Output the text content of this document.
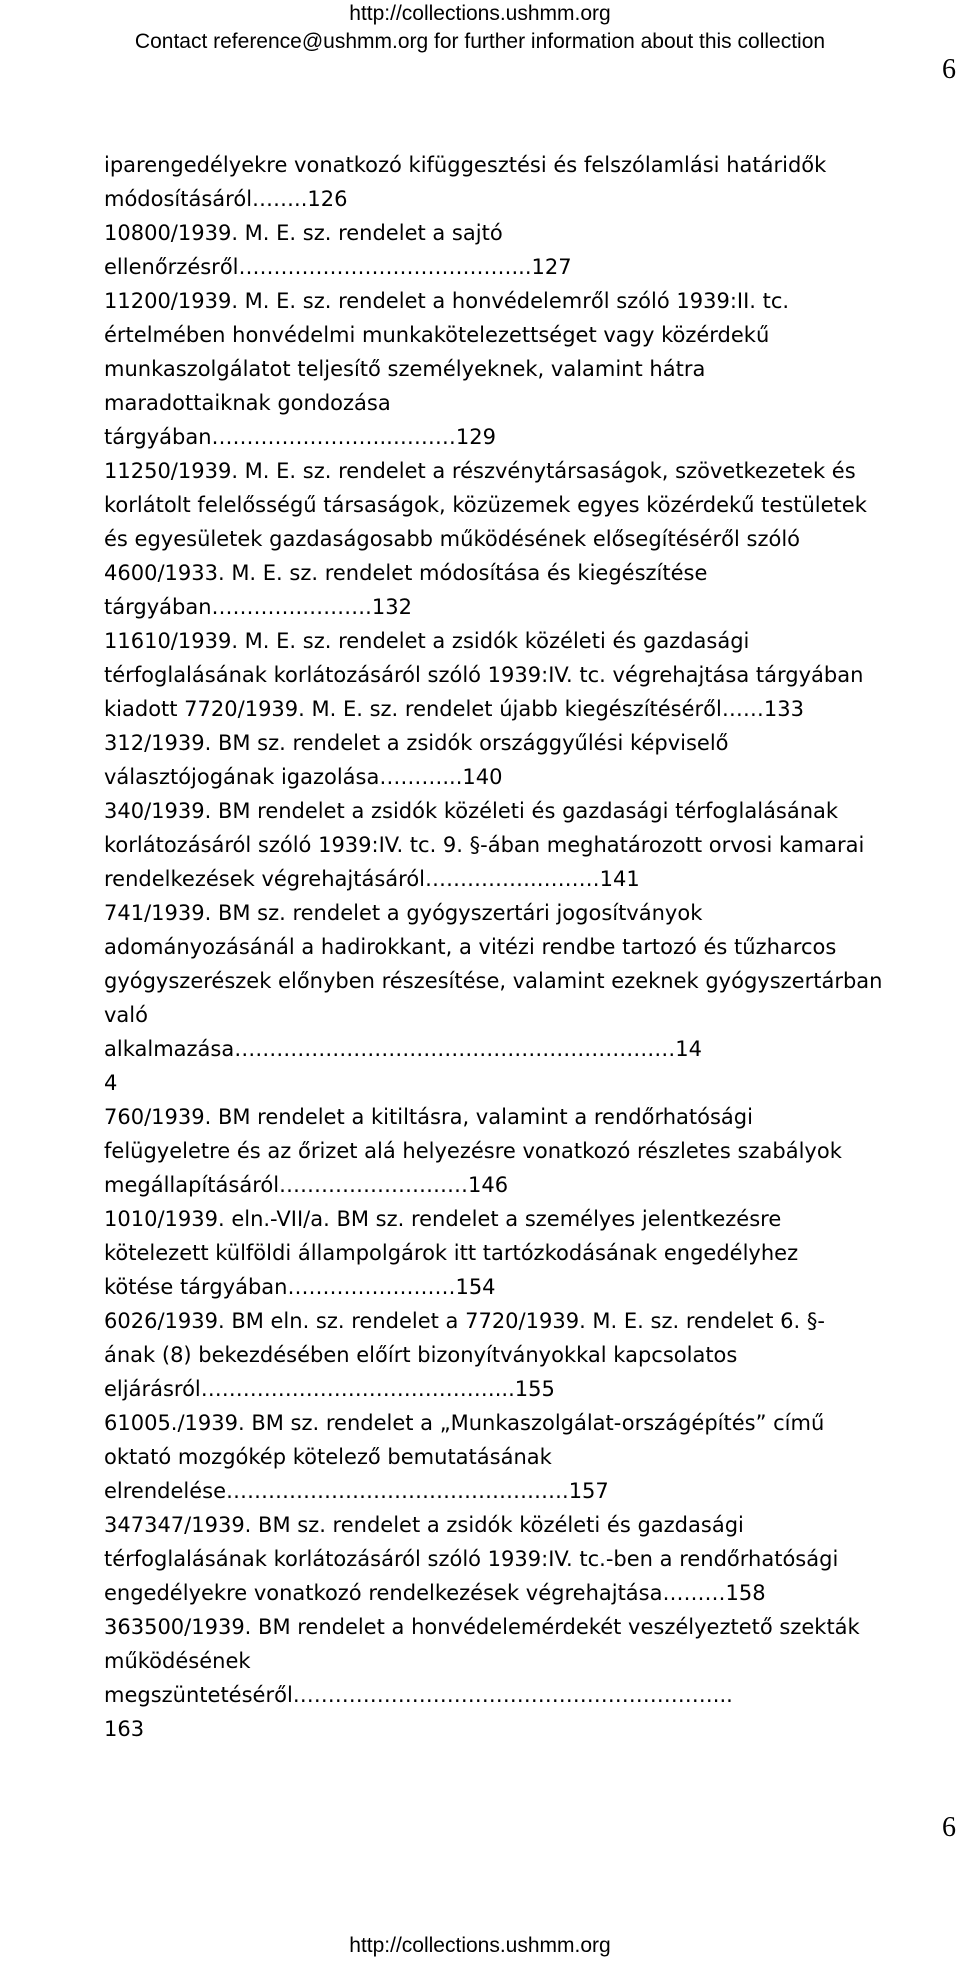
http://collections.ushmm.org
Contact reference@ushmm.org for further information about this collection
6
iparengedélyekre vonatkozó kifüggesztési és felszólamlási határidők
módosításáról……..126
10800/1939. M. E. sz. rendelet a sajtó
ellenőrzésről…………………………………...127
11200/1939. M. E. sz. rendelet a honvédelemről szóló 1939:II. tc.
értelmében honvédelmi munkakötelezettséget vagy közérdekű
munkaszolgálatot teljesítő személyeknek, valamint hátra
maradottaiknak gondozása
tárgyában……………………..………129
11250/1939. M. E. sz. rendelet a részvénytársaságok, szövetkezetek és
korlátolt felelősségű társaságok, közüzemek egyes közérdekű testületek
és egyesületek gazdaságosabb működésének elősegítéséről szóló
4600/1933. M. E. sz. rendelet módosítása és kiegészítése
tárgyában………….……….132
11610/1939. M. E. sz. rendelet a zsidók közéleti és gazdasági
térfoglalásának korlátozásáról szóló 1939:IV. tc. végrehajtása tárgyában
kiadott 7720/1939. M. E. sz. rendelet újabb kiegészítéséről……133
312/1939. BM sz. rendelet a zsidók országgyűlési képviselő
választójogának igazolása………...140
340/1939. BM rendelet a zsidók közéleti és gazdasági térfoglalásának
korlátozásáról szóló 1939:IV. tc. 9. §-ában meghatározott orvosi kamarai
rendelkezések végrehajtásáról…………….………141
741/1939. BM sz. rendelet a gyógyszertári jogosítványok
adományozásánál a hadirokkant, a vitézi rendbe tartozó és tűzharcos
gyógyszerészek előnyben részesítése, valamint ezeknek gyógyszertárban
való
alkalmazása………………………………………………………14
4
760/1939. BM rendelet a kitiltásra, valamint a rendőrhatósági
felügyeletre és az őrizet alá helyezésre vonatkozó részletes szabályok
megállapításáról………………………146
1010/1939. eln.-VII/a. BM sz. rendelet a személyes jelentkezésre
kötelezett külföldi állampolgárok itt tartózkodásának engedélyhez
kötése tárgyában……………………154
6026/1939. BM eln. sz. rendelet a 7720/1939. M. E. sz. rendelet 6. §-
ának (8) bekezdésében előírt bizonyítványokkal kapcsolatos
eljárásról……………………………………...155
61005./1939. BM sz. rendelet a „Munkaszolgálat-országépítés” című
oktató mozgókép kötelező bemutatásának
elrendelése………………………………………….157
347347/1939. BM sz. rendelet a zsidók közéleti és gazdasági
térfoglalásának korlátozásáról szóló 1939:IV. tc.-ben a rendőrhatósági
engedélyekre vonatkozó rendelkezések végrehajtása………158
363500/1939. BM rendelet a honvédelemérdekét veszélyeztető szekták
működésének
megszüntetéséről……………………………………………………...
163
6
http://collections.ushmm.org
